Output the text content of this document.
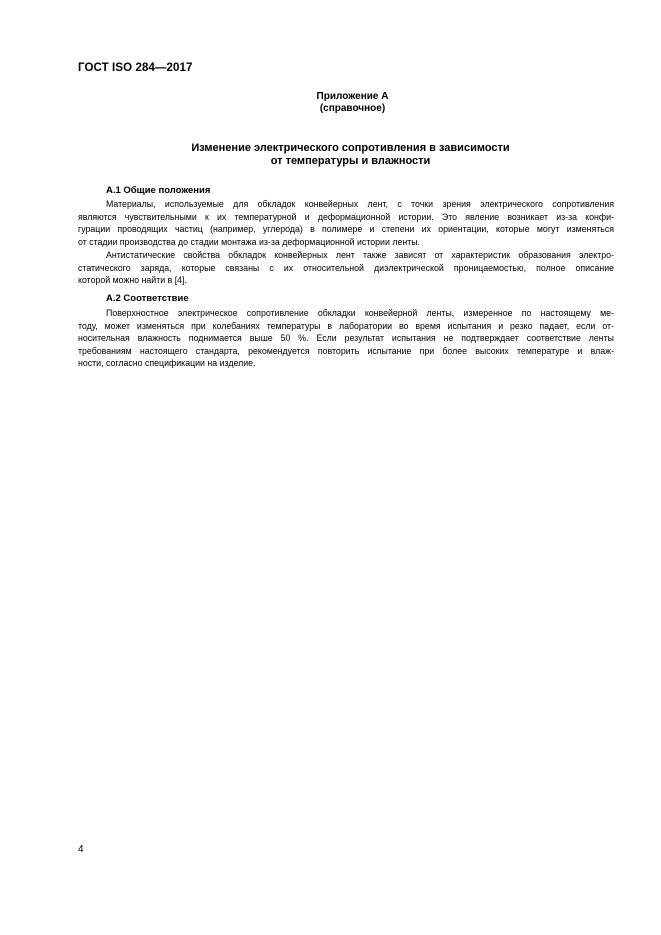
ГОСТ ISO 284—2017
Приложение А
(справочное)
Изменение электрического сопротивления в зависимости
от температуры и влажности
А.1 Общие положения
Материалы, используемые для обкладок конвейерных лент, с точки зрения электрического сопротивления
являются чувствительными к их температурной и деформационной истории. Это явление возникает из-за конфи-
гурации проводящих частиц (например, углерода) в полимере и степени их ориентации, которые могут изменяться
от стадии производства до стадии монтажа из-за деформационной истории ленты.
Антистатические свойства обкладок конвейерных лент также зависят от характеристик образования электро-
статического заряда, которые связаны с их относительной диэлектрической проницаемостью, полное описание
которой можно найти в [4].
А.2 Соответствие
Поверхностное электрическое сопротивление обкладки конвейерной ленты, измеренное по настоящему ме-
тоду, может изменяться при колебаниях температуры в лаборатории во время испытания и резко падает, если от-
носительная влажность поднимается выше 50 %. Если результат испытания не подтверждает соответствие ленты
требованиям настоящего стандарта, рекомендуется повторить испытание при более высоких температуре и влаж-
ности, согласно спецификации на изделие.
4
